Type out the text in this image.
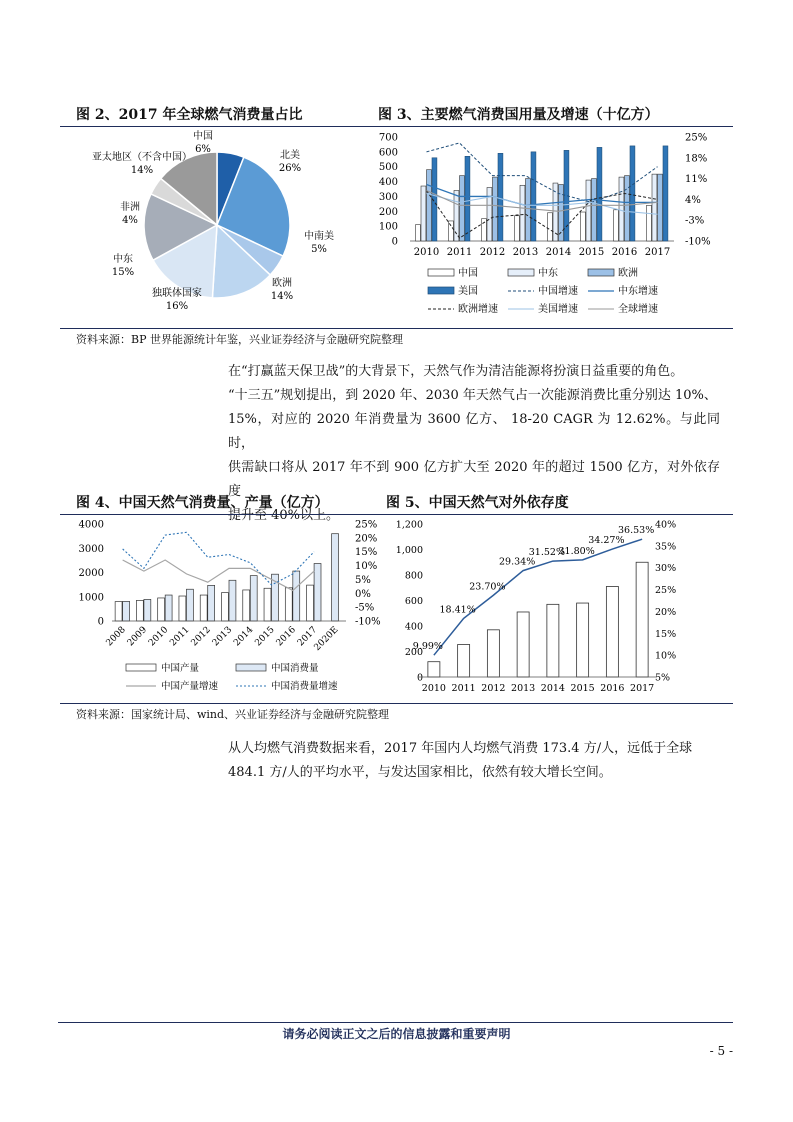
图 2、2017 年全球燃气消费量占比	图 3、主要燃气消费国用量及增速（十亿方）
中国
6%
北美
26%
中南美
5%
欧洲
14%
独联体国家
16%
中东
15%
非洲
4%
亚太地区（不含中国）
14%
700
600
500
400
300
200
100
0
25%
18%
11%
4%
-3%
-10%
2010 2011 2012 2013 2014 2015 2016 2017
中国	中东	欧洲
美国	中国增速	中东增速
欧洲增速	美国增速	全球增速
资料来源：BP 世界能源统计年鉴，兴业证券经济与金融研究院整理

在“打赢蓝天保卫战”的大背景下，天然气作为清洁能源将扮演日益重要的角色。

“十三五”规划提出，到 2020 年、2030 年天然气占一次能源消费比重分别达 10%、

15%，对应的 2020 年消费量为 3600 亿方、 18-20 CAGR 为 12.62%。与此同时，

供需缺口将从 2017 年不到 900 亿方扩大至 2020 年的超过 1500 亿方，对外依存度

提升至 40%以上。

图 4、中国天然气消费量、产量（亿方）	图 5、中国天然气对外依存度
4000
3000
2000
1000
0
25%
20%
15%
10%
5%
0%
-5%
-10%
2008
2009
2010
2011
2012
2013
2014
2015
2016
2017
2020E
中国产量	中国消费量
中国产量增速	中国消费量增速
1,200
1,000
800
600
400
200
0
40%
35%
30%
25%
20%
15%
10%
5%
2010 2011 2012 2013 2014 2015 2016 2017
9.99%
18.41%
23.70%
29.34%
31.52%
31.80%
34.27%
36.53%
资料来源：国家统计局、wind、兴业证券经济与金融研究院整理

从人均燃气消费数据来看，2017 年国内人均燃气消费 173.4 方/人，远低于全球

484.1 方/人的平均水平，与发达国家相比，依然有较大增长空间。

请务必阅读正文之后的信息披露和重要声明
- 5 -
